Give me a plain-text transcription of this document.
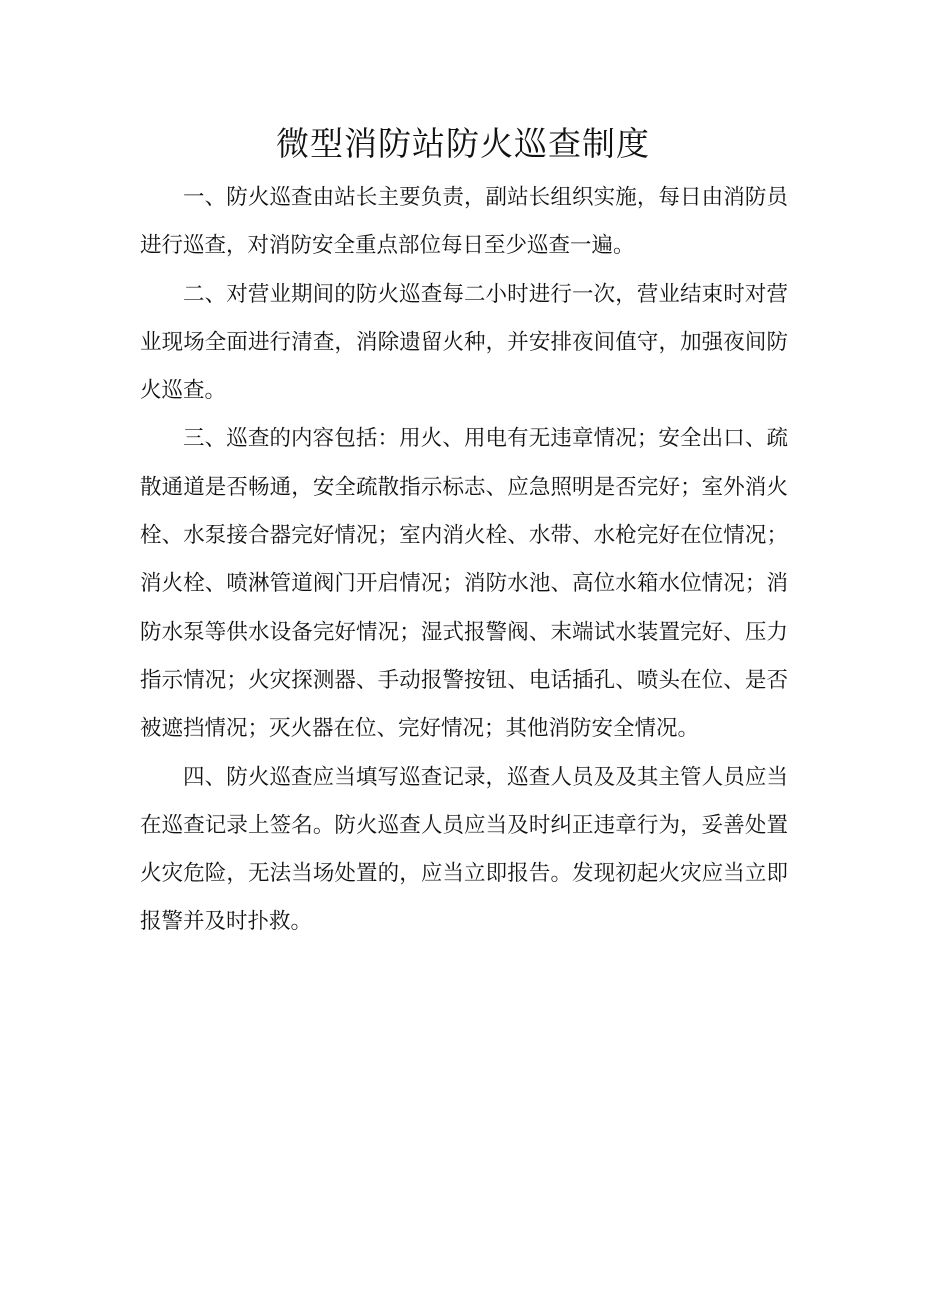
微型消防站防火巡查制度

一、防火巡查由站长主要负责，副站长组织实施，每日由消防员进行巡查，对消防安全重点部位每日至少巡查一遍。

二、对营业期间的防火巡查每二小时进行一次，营业结束时对营业现场全面进行清查，消除遗留火种，并安排夜间值守，加强夜间防火巡查。

三、巡查的内容包括：用火、用电有无违章情况；安全出口、疏散通道是否畅通，安全疏散指示标志、应急照明是否完好；室外消火栓、水泵接合器完好情况；室内消火栓、水带、水枪完好在位情况；消火栓、喷淋管道阀门开启情况；消防水池、高位水箱水位情况；消防水泵等供水设备完好情况；湿式报警阀、末端试水装置完好、压力指示情况；火灾探测器、手动报警按钮、电话插孔、喷头在位、是否被遮挡情况；灭火器在位、完好情况；其他消防安全情况。

四、防火巡查应当填写巡查记录，巡查人员及及其主管人员应当在巡查记录上签名。防火巡查人员应当及时纠正违章行为，妥善处置火灾危险，无法当场处置的，应当立即报告。发现初起火灾应当立即报警并及时扑救。
